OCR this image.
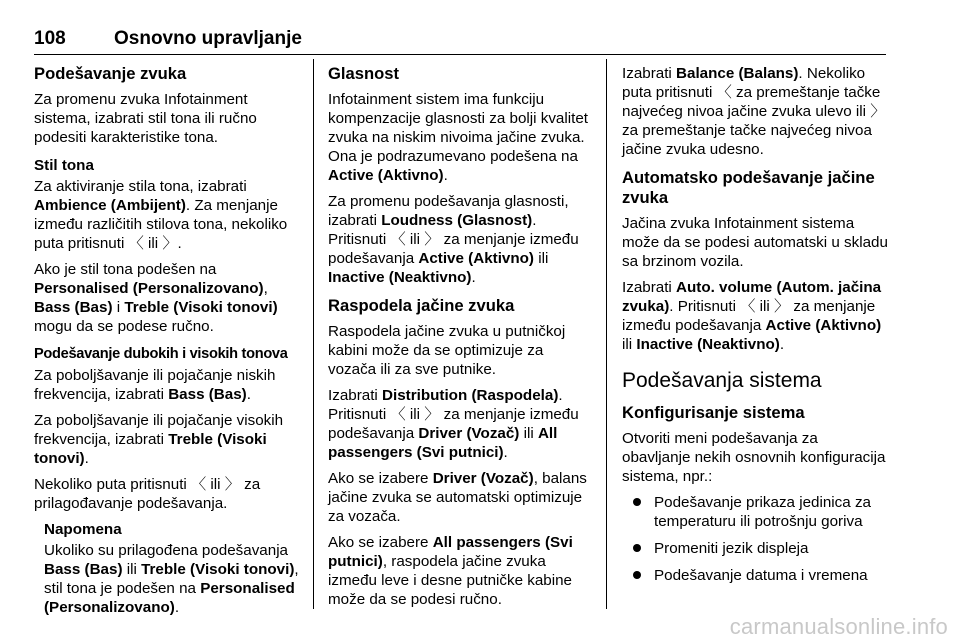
108	Osnovno upravljanje
Podešavanje zvuka

Za promenu zvuka Infotainment sistema, izabrati stil tona ili ručno podesiti karakteristike tona.

Stil tona

Za aktiviranje stila tona, izabrati Ambience (Ambijent). Za menjanje između različitih stilova tona, nekoliko puta pritisnuti 〈 ili 〉.

Ako je stil tona podešen na Personalised (Personalizovano), Bass (Bas) i Treble (Visoki tonovi) mogu da se podese ručno.

Podešavanje dubokih i visokih tonova

Za poboljšavanje ili pojačanje niskih frekvencija, izabrati Bass (Bas).

Za poboljšavanje ili pojačanje visokih frekvencija, izabrati Treble (Visoki tonovi).

Nekoliko puta pritisnuti 〈 ili 〉 za prilagođavanje podešavanja.

Napomena

Ukoliko su prilagođena podešavanja Bass (Bas) ili Treble (Visoki tonovi), stil tona je podešen na Personalised (Personalizovano).

Glasnost

Infotainment sistem ima funkciju kompenzacije glasnosti za bolji kvalitet zvuka na niskim nivoima jačine zvuka. Ona je podrazumevano podešena na Active (Aktivno).

Za promenu podešavanja glasnosti, izabrati Loudness (Glasnost). Pritisnuti 〈 ili 〉 za menjanje između podešavanja Active (Aktivno) ili Inactive (Neaktivno).

Raspodela jačine zvuka

Raspodela jačine zvuka u putničkoj kabini može da se optimizuje za vozača ili za sve putnike.

Izabrati Distribution (Raspodela). Pritisnuti 〈 ili 〉 za menjanje između podešavanja Driver (Vozač) ili All passengers (Svi putnici).

Ako se izabere Driver (Vozač), balans jačine zvuka se automatski optimizuje za vozača.

Ako se izabere All passengers (Svi putnici), raspodela jačine zvuka između leve i desne putničke kabine može da se podesi ručno.

Izabrati Balance (Balans). Nekoliko puta pritisnuti 〈 za premeštanje tačke najvećeg nivoa jačine zvuka ulevo ili 〉 za premeštanje tačke najvećeg nivoa jačine zvuka udesno.

Automatsko podešavanje jačine zvuka

Jačina zvuka Infotainment sistema može da se podesi automatski u skladu sa brzinom vozila.

Izabrati Auto. volume (Autom. jačina zvuka). Pritisnuti 〈 ili 〉 za menjanje između podešavanja Active (Aktivno) ili Inactive (Neaktivno).

Podešavanja sistema
Konfigurisanje sistema

Otvoriti meni podešavanja za obavljanje nekih osnovnih konfiguracija sistema, npr.:

Podešavanje prikaza jedinica za temperaturu ili potrošnju goriva
Promeniti jezik displeja
Podešavanje datuma i vremena
carmanualsonline.info
